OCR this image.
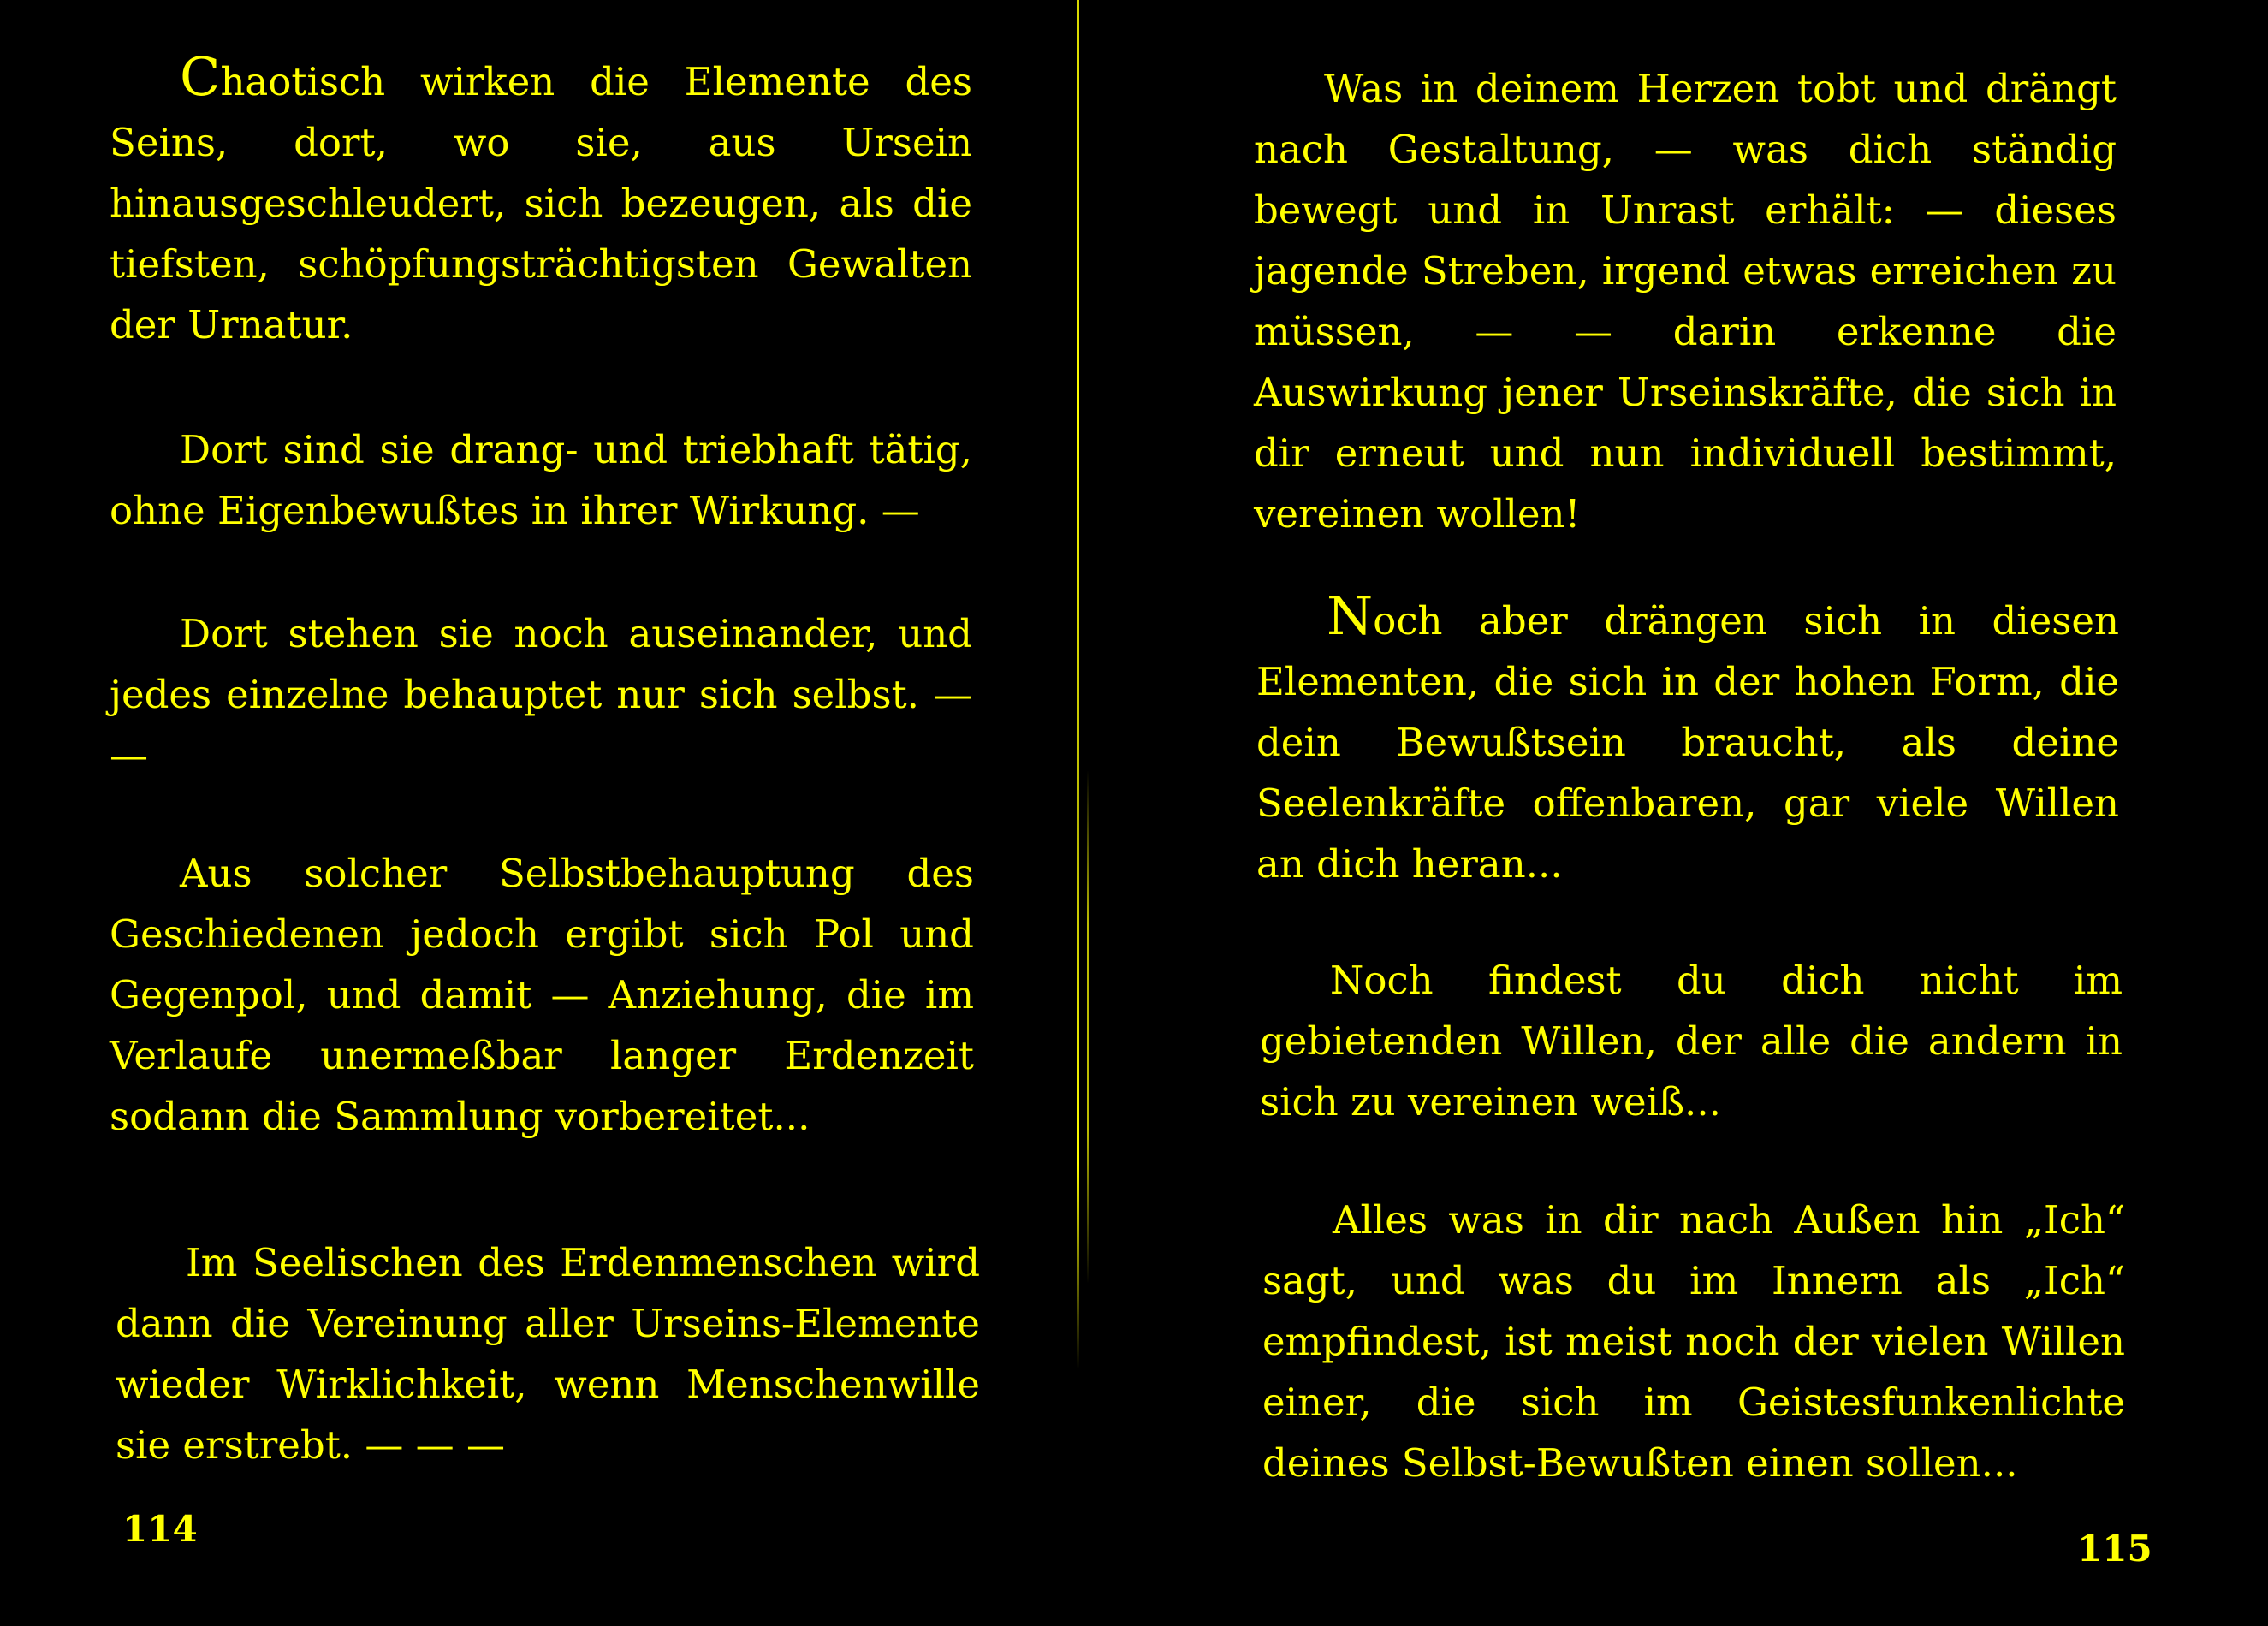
Chaotisch wirken die Elemente des Seins, dort, wo sie, aus Ursein hinausgeschleudert, sich bezeugen, als die tiefsten, schöpfungsträchtigsten Gewalten der Urnatur.

Dort sind sie drang- und triebhaft tätig, ohne Eigenbewußtes in ihrer Wirkung. —

Dort stehen sie noch auseinander, und jedes einzelne behauptet nur sich selbst. — —

Aus solcher Selbstbehauptung des Geschiedenen jedoch ergibt sich Pol und Gegenpol, und damit — Anziehung, die im Verlaufe unermeßbar langer Erdenzeit sodann die Sammlung vorbereitet...

Im Seelischen des Erdenmenschen wird dann die Vereinung aller Urseins-Elemente wieder Wirklichkeit, wenn Menschenwille sie erstrebt. — — —

114

Was in deinem Herzen tobt und drängt nach Gestaltung, — was dich ständig bewegt und in Unrast erhält: — dieses jagende Streben, irgend etwas erreichen zu müssen, — — darin erkenne die Auswirkung jener Urseinskräfte, die sich in dir erneut und nun individuell bestimmt, vereinen wollen!

Noch aber drängen sich in diesen Elementen, die sich in der hohen Form, die dein Bewußtsein braucht, als deine Seelenkräfte offenbaren, gar viele Willen an dich heran...

Noch findest du dich nicht im gebietenden Willen, der alle die andern in sich zu vereinen weiß...

Alles was in dir nach Außen hin „Ich“ sagt, und was du im Innern als „Ich“ empfindest, ist meist noch der vielen Willen einer, die sich im Geistesfunkenlichte deines Selbst-Bewußten einen sollen...

115
